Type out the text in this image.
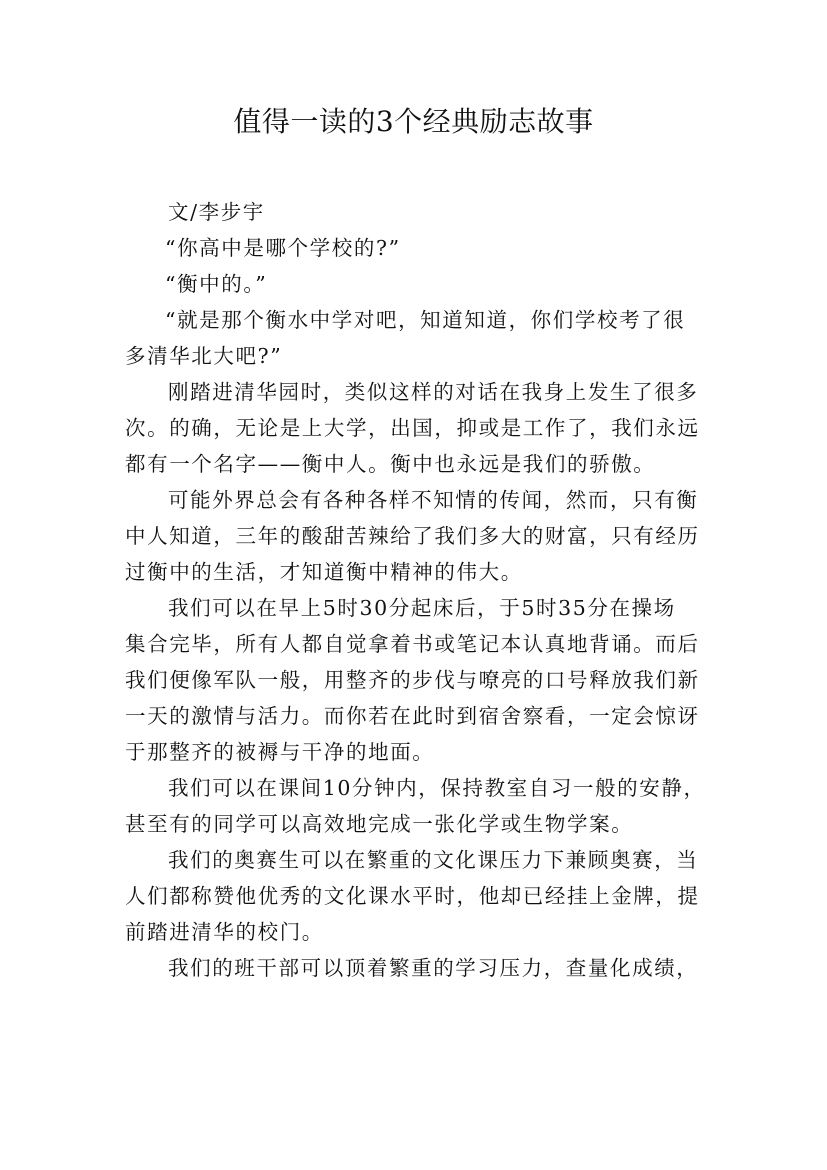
值得一读的3个经典励志故事
文/李步宇
“你高中是哪个学校的?”
“衡中的。”
“就是那个衡水中学对吧，知道知道，你们学校考了很
多清华北大吧?”
刚踏进清华园时，类似这样的对话在我身上发生了很多
次。的确，无论是上大学，出国，抑或是工作了，我们永远
都有一个名字——衡中人。衡中也永远是我们的骄傲。
可能外界总会有各种各样不知情的传闻，然而，只有衡
中人知道，三年的酸甜苦辣给了我们多大的财富，只有经历
过衡中的生活，才知道衡中精神的伟大。
我们可以在早上5时30分起床后，于5时35分在操场
集合完毕，所有人都自觉拿着书或笔记本认真地背诵。而后
我们便像军队一般，用整齐的步伐与嘹亮的口号释放我们新
一天的激情与活力。而你若在此时到宿舍察看，一定会惊讶
于那整齐的被褥与干净的地面。
我们可以在课间10分钟内，保持教室自习一般的安静，
甚至有的同学可以高效地完成一张化学或生物学案。
我们的奥赛生可以在繁重的文化课压力下兼顾奥赛，当
人们都称赞他优秀的文化课水平时，他却已经挂上金牌，提
前踏进清华的校门。
我们的班干部可以顶着繁重的学习压力，查量化成绩，
